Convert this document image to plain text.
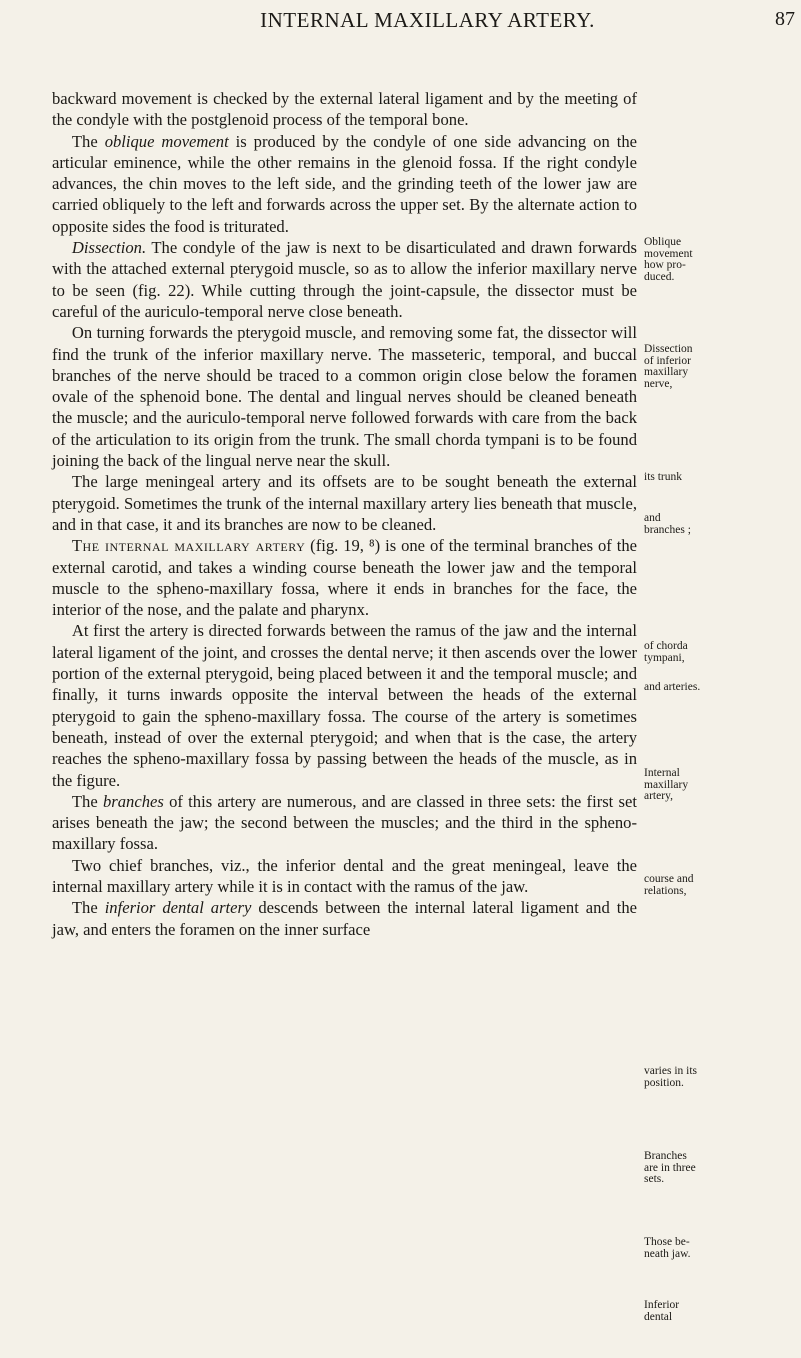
INTERNAL MAXILLARY ARTERY.	87

backward movement is checked by the external lateral ligament and by the meeting of the condyle with the postglenoid process of the temporal bone.

The oblique movement is produced by the condyle of one side advancing on the articular eminence, while the other remains in the glenoid fossa. If the right condyle advances, the chin moves to the left side, and the grinding teeth of the lower jaw are carried obliquely to the left and forwards across the upper set. By the alternate action to opposite sides the food is triturated.

Dissection. The condyle of the jaw is next to be disarticulated and drawn forwards with the attached external pterygoid muscle, so as to allow the inferior maxillary nerve to be seen (fig. 22). While cutting through the joint-capsule, the dissector must be careful of the auriculo-temporal nerve close beneath.

On turning forwards the pterygoid muscle, and removing some fat, the dissector will find the trunk of the inferior maxillary nerve. The masseteric, temporal, and buccal branches of the nerve should be traced to a common origin close below the foramen ovale of the sphenoid bone. The dental and lingual nerves should be cleaned beneath the muscle; and the auriculo-temporal nerve followed forwards with care from the back of the articulation to its origin from the trunk. The small chorda tympani is to be found joining the back of the lingual nerve near the skull.

The large meningeal artery and its offsets are to be sought beneath the external pterygoid. Sometimes the trunk of the internal maxillary artery lies beneath that muscle, and in that case, it and its branches are now to be cleaned.

The internal maxillary artery (fig. 19, ⁸) is one of the terminal branches of the external carotid, and takes a winding course beneath the lower jaw and the temporal muscle to the spheno-maxillary fossa, where it ends in branches for the face, the interior of the nose, and the palate and pharynx.

At first the artery is directed forwards between the ramus of the jaw and the internal lateral ligament of the joint, and crosses the dental nerve; it then ascends over the lower portion of the external pterygoid, being placed between it and the temporal muscle; and finally, it turns inwards opposite the interval between the heads of the external pterygoid to gain the spheno-maxillary fossa. The course of the artery is sometimes beneath, instead of over the external pterygoid; and when that is the case, the artery reaches the spheno-maxillary fossa by passing between the heads of the muscle, as in the figure.

The branches of this artery are numerous, and are classed in three sets: the first set arises beneath the jaw; the second between the muscles; and the third in the spheno-maxillary fossa.

Two chief branches, viz., the inferior dental and the great meningeal, leave the internal maxillary artery while it is in contact with the ramus of the jaw.

The inferior dental artery descends between the internal lateral ligament and the jaw, and enters the foramen on the inner surface

Oblique
movement
how pro-
duced.
Dissection
of inferior
maxillary
nerve,
its trunk
and
branches ;
of chorda
tympani,
and arteries.
Internal
maxillary
artery,
course and
relations,
varies in its
position.
Branches
are in three
sets.
Those be-
neath jaw.
Inferior
dental
